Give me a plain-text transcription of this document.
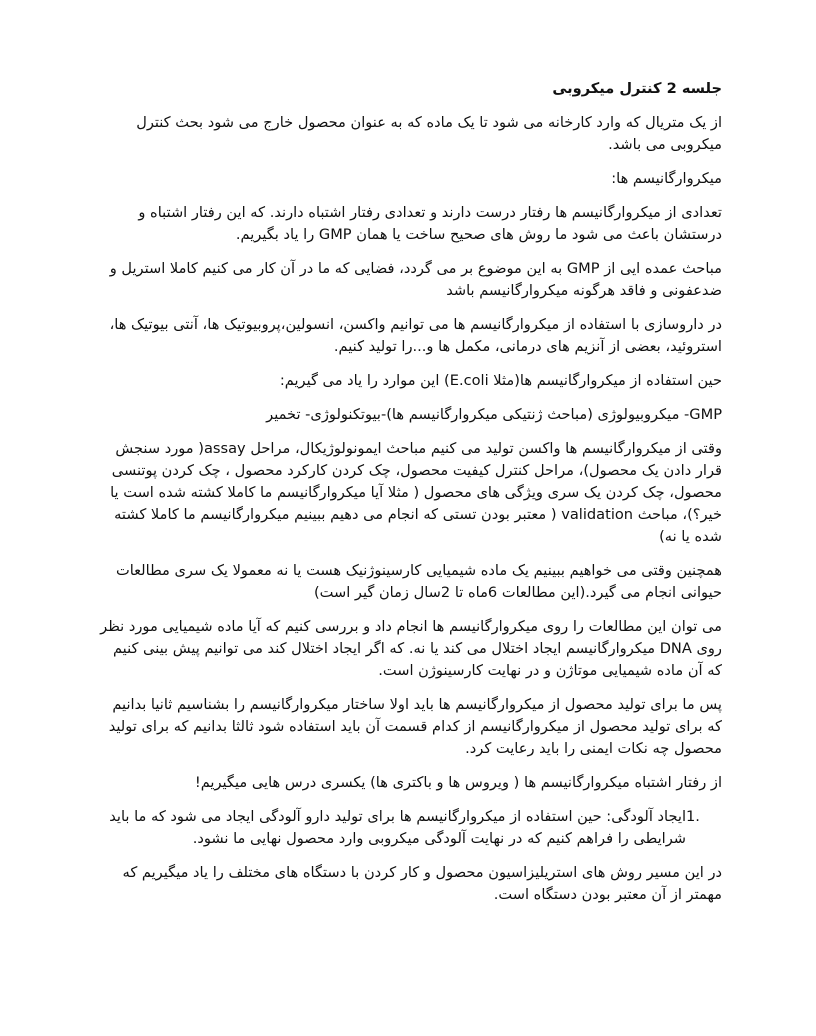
جلسه 2 کنترل میکروبی

از یک متریال که وارد کارخانه می شود تا یک ماده که به عنوان محصول خارج می شود بحث کنترل میکروبی می باشد.

میکروارگانیسم ها:

تعدادی از میکروارگانیسم ها رفتار درست دارند و تعدادی رفتار اشتباه دارند. که این رفتار اشتباه و درستشان باعث می شود ما روش های صحیح ساخت یا همان GMP را یاد بگیریم.

مباحث عمده ایی از GMP به این موضوع بر می گردد، فضایی که ما در آن کار می کنیم کاملا استریل و ضدعفونی و فاقد هرگونه میکروارگانیسم باشد

در داروسازی با استفاده از میکروارگانیسم ها می توانیم واکسن، انسولین،پروبیوتیک ها، آنتی بیوتیک ها، استروئید، بعضی از آنزیم های درمانی، مکمل ها و...را تولید کنیم.

حین استفاده از میکروارگانیسم ها(مثلا E.coli) این موارد را یاد می گیریم:

GMP- میکروبیولوژی (مباحث ژنتیکی میکروارگانیسم ها)-بیوتکنولوژی- تخمیر

وقتی از میکروارگانیسم ها واکسن تولید می کنیم مباحث ایمونولوژیکال، مراحل assay( مورد سنجش قرار دادن یک محصول)، مراحل کنترل کیفیت محصول، چک کردن کارکرد محصول ، چک کردن پوتنسی محصول، چک کردن یک سری ویژگی های محصول ( مثلا آیا میکروارگانیسم ما کاملا کشته شده است یا خیر؟)، مباحث validation ( معتبر بودن تستی که انجام می دهیم ببینیم میکروارگانیسم ما کاملا کشته شده یا نه)

همچنین وقتی می خواهیم ببینیم یک ماده شیمیایی کارسینوژنیک هست یا نه معمولا یک سری مطالعات حیوانی انجام می گیرد.(این مطالعات 6ماه تا 2سال زمان گیر است)

می توان این مطالعات را روی میکروارگانیسم ها انجام داد و بررسی کنیم که آیا ماده شیمیایی مورد نظر روی DNA میکروارگانیسم ایجاد اختلال می کند یا نه. که اگر ایجاد اختلال کند می توانیم پیش بینی کنیم که آن ماده شیمیایی موتاژن و در نهایت کارسینوژن است.

پس ما برای تولید محصول از میکروارگانیسم ها باید اولا ساختار میکروارگانیسم را بشناسیم ثانیا بدانیم که برای تولید محصول از میکروارگانیسم از کدام قسمت آن باید استفاده شود ثالثا بدانیم که برای تولید محصول چه نکات ایمنی را باید رعایت کرد.

از رفتار اشتباه میکروارگانیسم ها ( ویروس ها و باکتری ها) یکسری درس هایی میگیریم!

1.
ایجاد آلودگی: حین استفاده از میکروارگانیسم ها برای تولید دارو آلودگی ایجاد می شود که ما باید شرایطی را فراهم کنیم که در نهایت آلودگی میکروبی وارد محصول نهایی ما نشود.

در این مسیر روش های استریلیزاسیون محصول و کار کردن با دستگاه های مختلف را یاد میگیریم که مهمتر از آن معتبر بودن دستگاه است.
